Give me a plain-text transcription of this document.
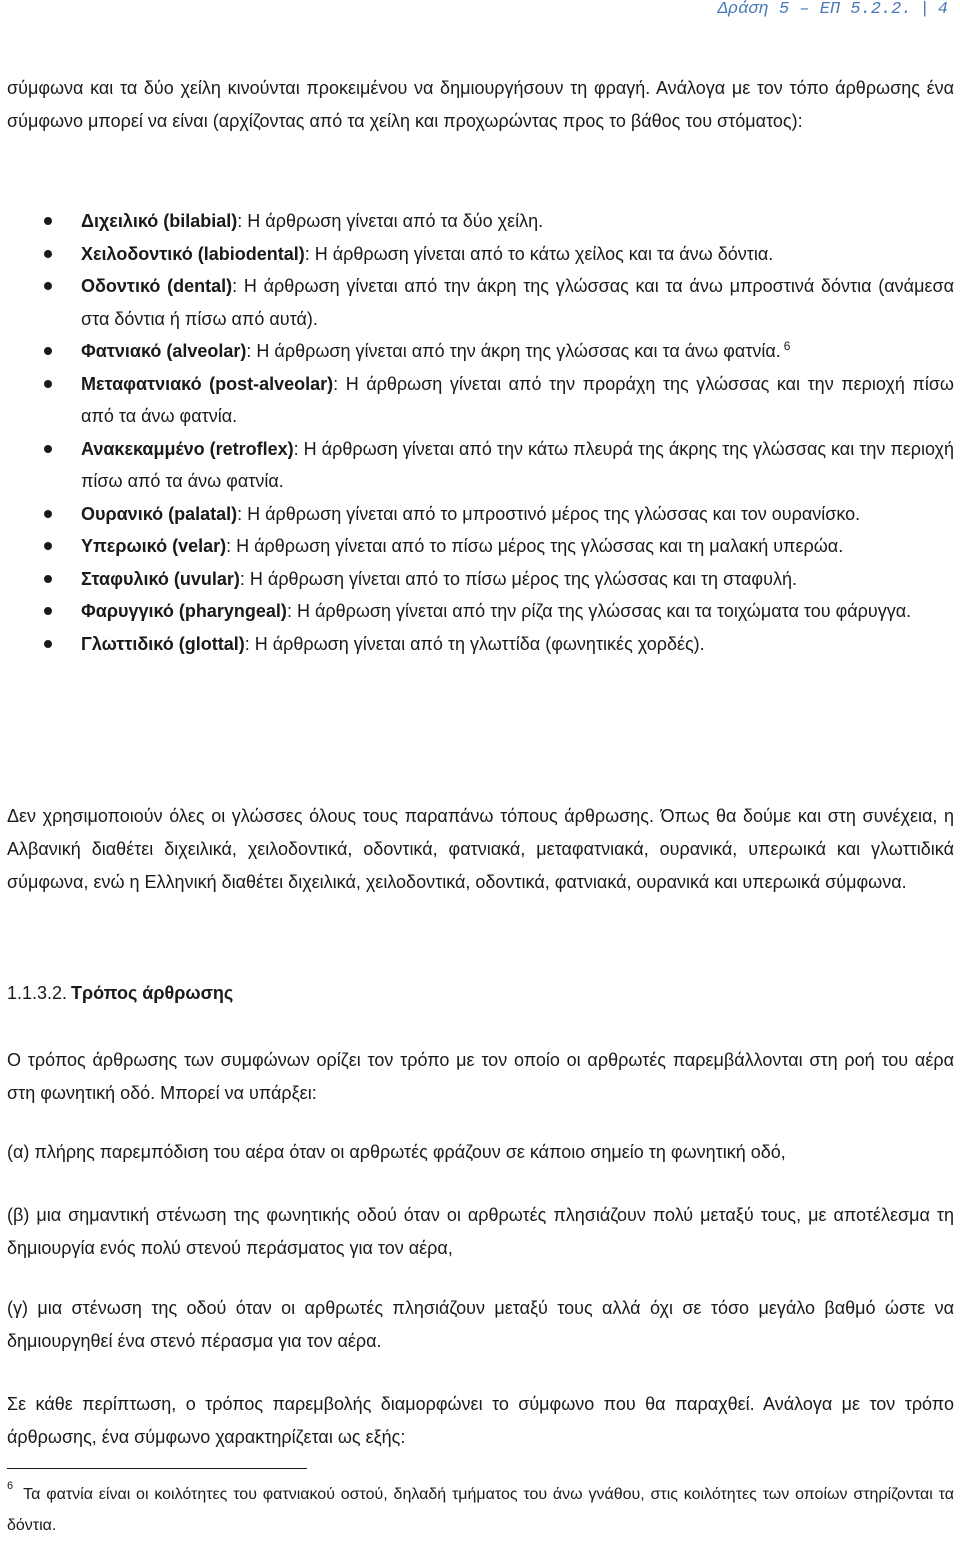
Δράση 5 – ΕΠ 5.2.2. | 4

σύμφωνα και τα δύο χείλη κινούνται προκειμένου να δημιουργήσουν τη φραγή. Ανάλογα με τον τόπο άρθρωσης ένα σύμφωνο μπορεί να είναι (αρχίζοντας από τα χείλη και προχωρώντας προς το βάθος του στόματος):

Διχειλικό (bilabial): Η άρθρωση γίνεται από τα δύο χείλη.
Χειλοδοντικό (labiodental): Η άρθρωση γίνεται από το κάτω χείλος και τα άνω δόντια.
Οδοντικό (dental): Η άρθρωση γίνεται από την άκρη της γλώσσας και τα άνω μπροστινά δόντια (ανάμεσα στα δόντια ή πίσω από αυτά).
Φατνιακό (alveolar): Η άρθρωση γίνεται από την άκρη της γλώσσας και τα άνω φατνία. $^6$
Μεταφατνιακό (post-alveolar): Η άρθρωση γίνεται από την προράχη της γλώσσας και την περιοχή πίσω από τα άνω φατνία.
Ανακεκαμμένο (retroflex): Η άρθρωση γίνεται από την κάτω πλευρά της άκρης της γλώσσας και την περιοχή πίσω από τα άνω φατνία.
Ουρανικό (palatal): Η άρθρωση γίνεται από το μπροστινό μέρος της γλώσσας και τον ουρανίσκο.
Υπερωικό (velar): Η άρθρωση γίνεται από το πίσω μέρος της γλώσσας και τη μαλακή υπερώα.
Σταφυλικό (uvular): Η άρθρωση γίνεται από το πίσω μέρος της γλώσσας και τη σταφυλή.
Φαρυγγικό (pharyngeal): Η άρθρωση γίνεται από την ρίζα της γλώσσας και τα τοιχώματα του φάρυγγα.
Γλωττιδικό (glottal): Η άρθρωση γίνεται από τη γλωττίδα (φωνητικές χορδές).

Δεν χρησιμοποιούν όλες οι γλώσσες όλους τους παραπάνω τόπους άρθρωσης. Όπως θα δούμε και στη συνέχεια, η Αλβανική διαθέτει διχειλικά, χειλοδοντικά, οδοντικά, φατνιακά, μεταφατνιακά, ουρανικά, υπερωικά και γλωττιδικά σύμφωνα, ενώ η Ελληνική διαθέτει διχειλικά, χειλοδοντικά, οδοντικά, φατνιακά, ουρανικά και υπερωικά σύμφωνα.

1.1.3.2. Τρόπος άρθρωσης

Ο τρόπος άρθρωσης των συμφώνων ορίζει τον τρόπο με τον οποίο οι αρθρωτές παρεμβάλλονται στη ροή του αέρα στη φωνητική οδό. Μπορεί να υπάρξει:

(α) πλήρης παρεμπόδιση του αέρα όταν οι αρθρωτές φράζουν σε κάποιο σημείο τη φωνητική οδό,

(β) μια σημαντική στένωση της φωνητικής οδού όταν οι αρθρωτές πλησιάζουν πολύ μεταξύ τους, με αποτέλεσμα τη δημιουργία ενός πολύ στενού περάσματος για τον αέρα,

(γ) μια στένωση της οδού όταν οι αρθρωτές πλησιάζουν μεταξύ τους αλλά όχι σε τόσο μεγάλο βαθμό ώστε να δημιουργηθεί ένα στενό πέρασμα για τον αέρα.

Σε κάθε περίπτωση, ο τρόπος παρεμβολής διαμορφώνει το σύμφωνο που θα παραχθεί. Ανάλογα με τον τρόπο άρθρωσης, ένα σύμφωνο χαρακτηρίζεται ως εξής:

$^6$ Τα φατνία είναι οι κοιλότητες του φατνιακού οστού, δηλαδή τμήματος του άνω γνάθου, στις κοιλότητες των οποίων στηρίζονται τα δόντια.
